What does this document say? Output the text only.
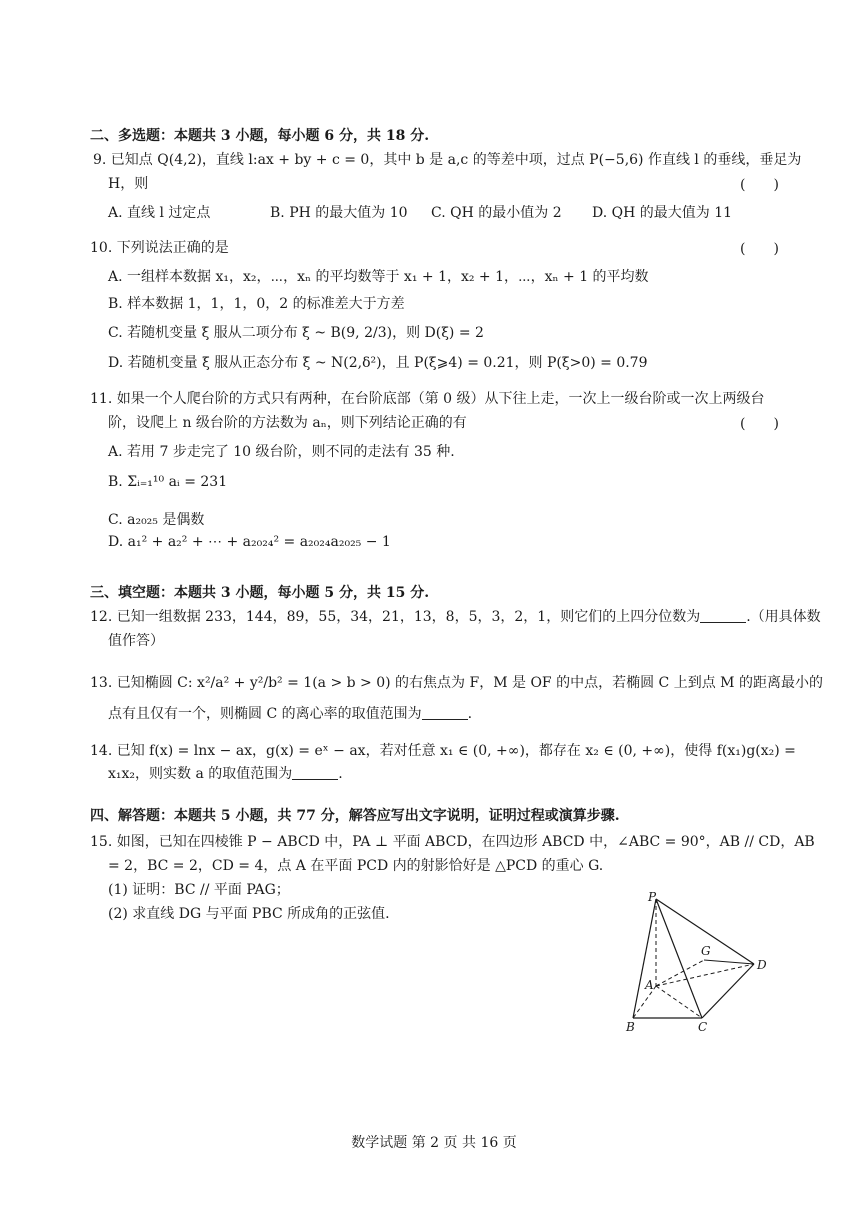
二、多选题：本题共 3 小题，每小题 6 分，共 18 分.
9. 已知点 Q(4,2)，直线 l:ax + by + c = 0，其中 b 是 a,c 的等差中项，过点 P(−5,6) 作直线 l 的垂线，垂足为
H，则	(　　)
A. 直线 l 过定点	B. PH 的最大值为 10 C. QH 的最小值为 2 D. QH 的最大值为 11
10. 下列说法正确的是	(　　)
A. 一组样本数据 x₁，x₂，⋯，xₙ 的平均数等于 x₁ + 1，x₂ + 1，⋯，xₙ + 1 的平均数
B. 样本数据 1，1，1，0，2 的标准差大于方差
C. 若随机变量 ξ 服从二项分布 ξ ~ B(9, 2/3)，则 D(ξ) = 2
D. 若随机变量 ξ 服从正态分布 ξ ~ N(2,δ²)，且 P(ξ⩾4) = 0.21，则 P(ξ>0) = 0.79
11. 如果一个人爬台阶的方式只有两种，在台阶底部（第 0 级）从下往上走，一次上一级台阶或一次上两级台
阶，设爬上 n 级台阶的方法数为 aₙ，则下列结论正确的有	(　　)
A. 若用 7 步走完了 10 级台阶，则不同的走法有 35 种.
B. Σᵢ₌₁¹⁰ aᵢ = 231
C. a₂₀₂₅ 是偶数
D. a₁² + a₂² + ⋯ + a₂₀₂₄² = a₂₀₂₄a₂₀₂₅ − 1
三、填空题：本题共 3 小题，每小题 5 分，共 15 分.
12. 已知一组数据 233，144，89，55，34，21，13，8，5，3，2，1，则它们的上四分位数为	.（用具体数
值作答）
13. 已知椭圆 C: x²/a² + y²/b² = 1(a > b > 0) 的右焦点为 F，M 是 OF 的中点，若椭圆 C 上到点 M 的距离最小的
点有且仅有一个，则椭圆 C 的离心率的取值范围为	.
14. 已知 f(x) = lnx − ax，g(x) = eˣ − ax，若对任意 x₁ ∈ (0, +∞)，都存在 x₂ ∈ (0, +∞)，使得 f(x₁)g(x₂) =
x₁x₂，则实数 a 的取值范围为	.
四、解答题：本题共 5 小题，共 77 分，解答应写出文字说明，证明过程或演算步骤.
15. 如图，已知在四棱锥 P − ABCD 中，PA ⊥ 平面 ABCD，在四边形 ABCD 中，∠ABC = 90°，AB // CD，AB
= 2，BC = 2，CD = 4，点 A 在平面 PCD 内的射影恰好是 △PCD 的重心 G.
(1) 证明：BC // 平面 PAG；
(2) 求直线 DG 与平面 PBC 所成角的正弦值.
P
G
D
A
B	C
数学试题 第 2 页 共 16 页
